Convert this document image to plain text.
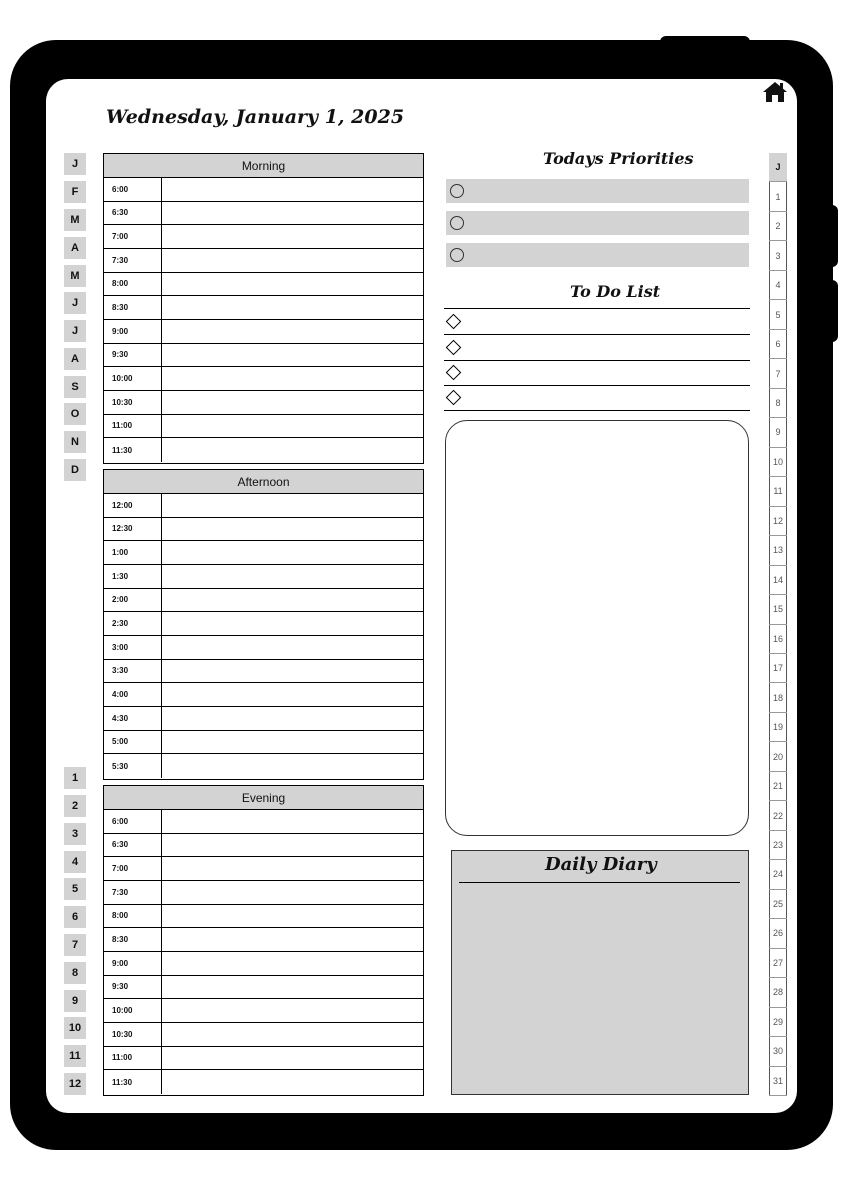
Wednesday, January 1, 2025
J
F
M
A
M
J
J
A
S
O
N
D
1
2
3
4
5
6
7
8
9
10
11
12
Morning
6:00
6:30
7:00
7:30
8:00
8:30
9:00
9:30
10:00
10:30
11:00
11:30
Afternoon
12:00
12:30
1:00
1:30
2:00
2:30
3:00
3:30
4:00
4:30
5:00
5:30
Evening
6:00
6:30
7:00
7:30
8:00
8:30
9:00
9:30
10:00
10:30
11:00
11:30
Todays Priorities
To Do List
Daily Diary
J
1
2
3
4
5
6
7
8
9
10
11
12
13
14
15
16
17
18
19
20
21
22
23
24
25
26
27
28
29
30
31
